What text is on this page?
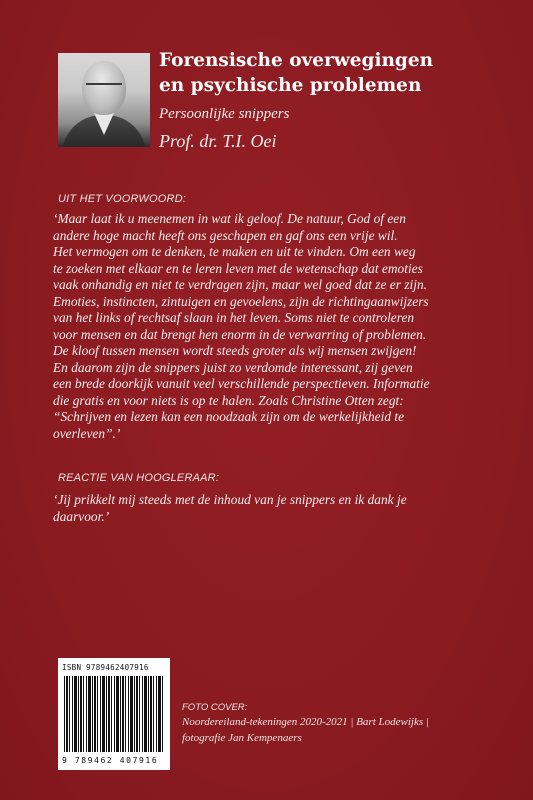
Forensische overwegingen
en psychische problemen
Persoonlijke snippers
Prof. dr. T.I. Oei
UIT HET VOORWOORD:
‘Maar laat ik u meenemen in wat ik geloof. De natuur, God of een
andere hoge macht heeft ons geschapen en gaf ons een vrije wil.
Het vermogen om te denken, te maken en uit te vinden. Om een weg
te zoeken met elkaar en te leren leven met de wetenschap dat emoties
vaak onhandig en niet te verdragen zijn, maar wel goed dat ze er zijn.
Emoties, instincten, zintuigen en gevoelens, zijn de richtingaanwijzers
van het links of rechtsaf slaan in het leven. Soms niet te controleren
voor mensen en dat brengt hen enorm in de verwarring of problemen.
De kloof tussen mensen wordt steeds groter als wij mensen zwijgen!
En daarom zijn de snippers juist zo verdomde interessant, zij geven
een brede doorkijk vanuit veel verschillende perspectieven. Informatie
die gratis en voor niets is op te halen. Zoals Christine Otten zegt:
“Schrijven en lezen kan een noodzaak zijn om de werkelijkheid te
overleven”.’
REACTIE VAN HOOGLERAAR:
‘Jij prikkelt mij steeds met de inhoud van je snippers en ik dank je
daarvoor.’
ISBN 9789462407916
9 789462 407916
FOTO COVER:
Noordereiland-tekeningen 2020-2021 | Bart Lodewijks |
fotografie Jan Kempenaers
